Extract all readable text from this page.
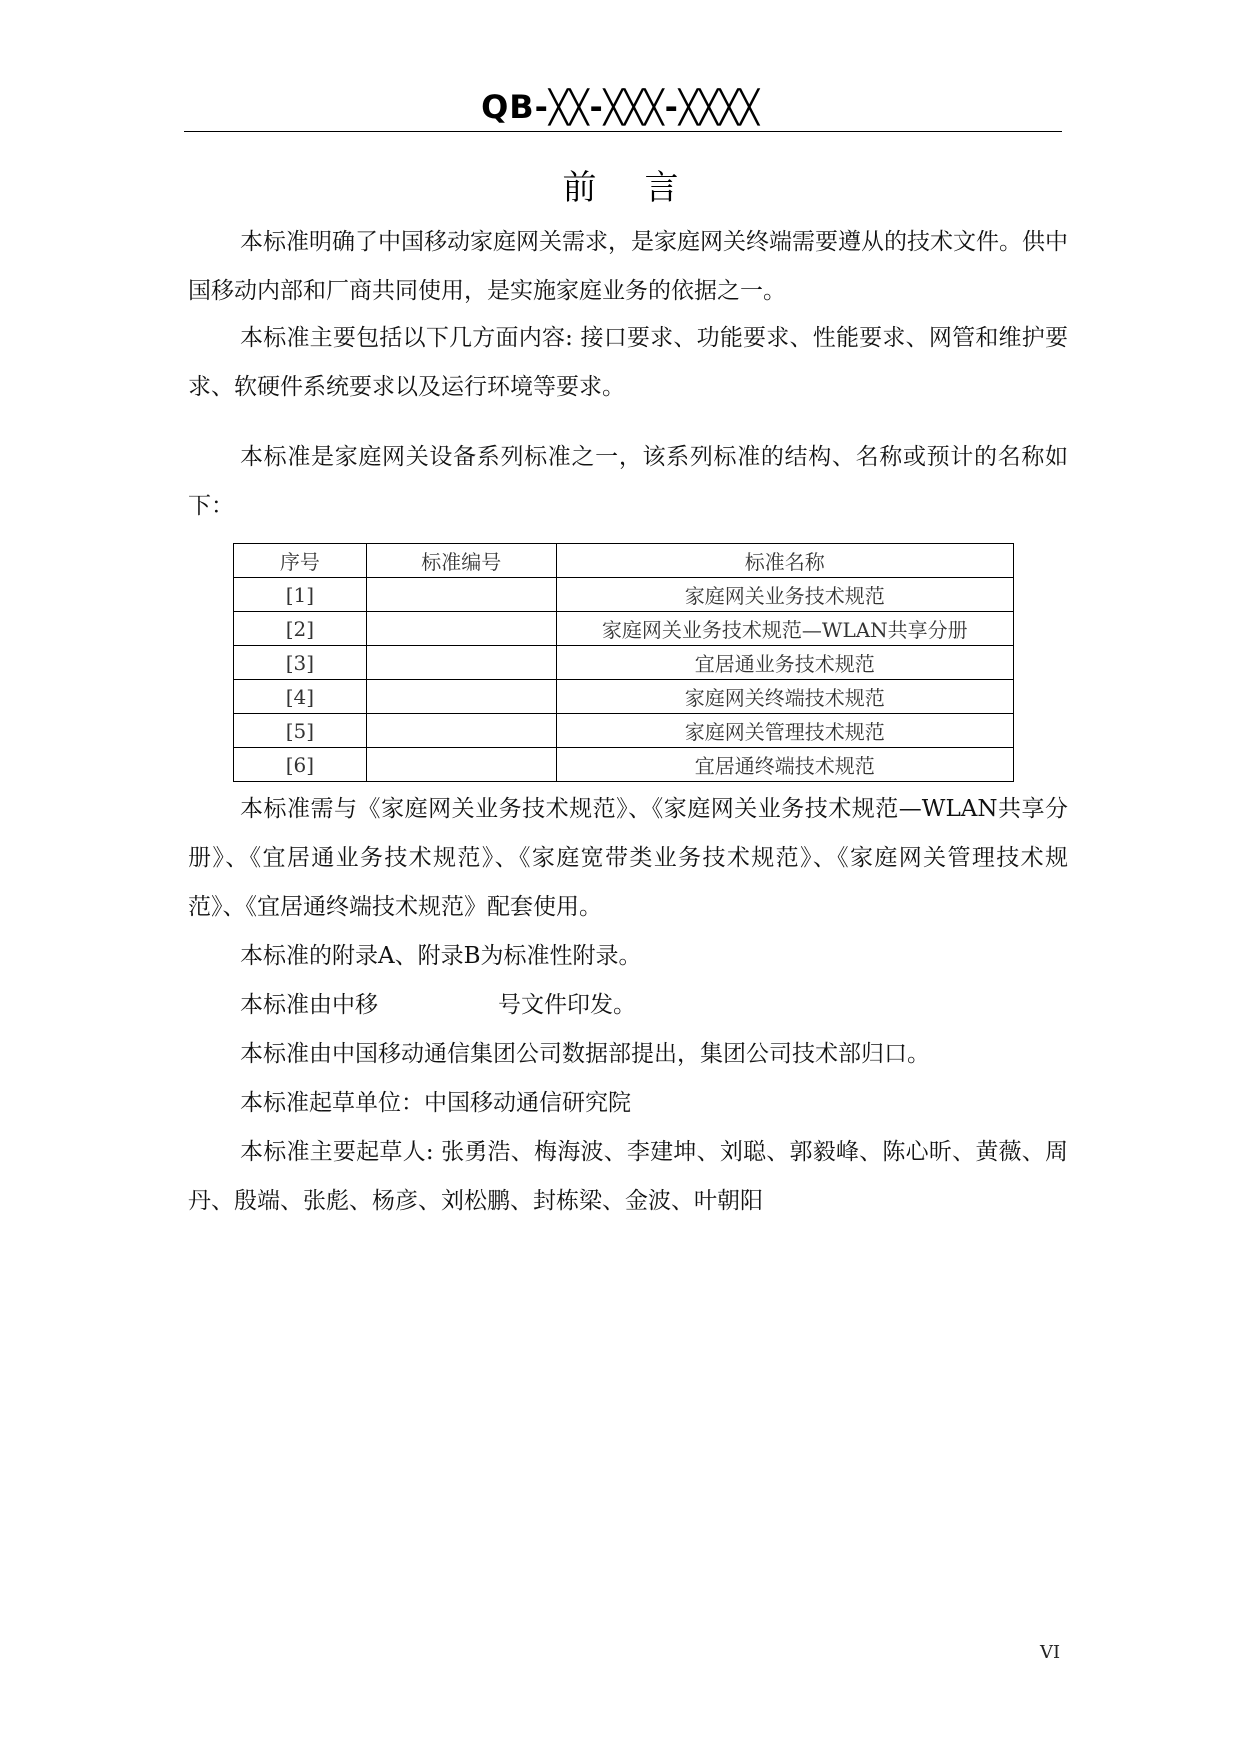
QB-╳╳-╳╳╳-╳╳╳╳
前言

本标准明确了中国移动家庭网关需求，是家庭网关终端需要遵从的技术文件。供中国移动内部和厂商共同使用，是实施家庭业务的依据之一。

本标准主要包括以下几方面内容: 接口要求、功能要求、性能要求、网管和维护要求、软硬件系统要求以及运行环境等要求。

本标准是家庭网关设备系列标准之一，该系列标准的结构、名称或预计的名称如下：

序号	标准编号	标准名称
[1]		家庭网关业务技术规范
[2]		家庭网关业务技术规范—WLAN共享分册
[3]		宜居通业务技术规范
[4]		家庭网关终端技术规范
[5]		家庭网关管理技术规范
[6]		宜居通终端技术规范

本标准需与《家庭网关业务技术规范》、《家庭网关业务技术规范—WLAN共享分册》、《宜居通业务技术规范》、《家庭宽带类业务技术规范》、《家庭网关管理技术规范》、《宜居通终端技术规范》配套使用。

本标准的附录A、附录B为标准性附录。

本标准由中移	号文件印发。

本标准由中国移动通信集团公司数据部提出，集团公司技术部归口。

本标准起草单位：中国移动通信研究院

本标准主要起草人: 张勇浩、梅海波、李建坤、刘聪、郭毅峰、陈心昕、黄薇、周丹、殷端、张彪、杨彦、刘松鹏、封栋梁、金波、叶朝阳

VI
